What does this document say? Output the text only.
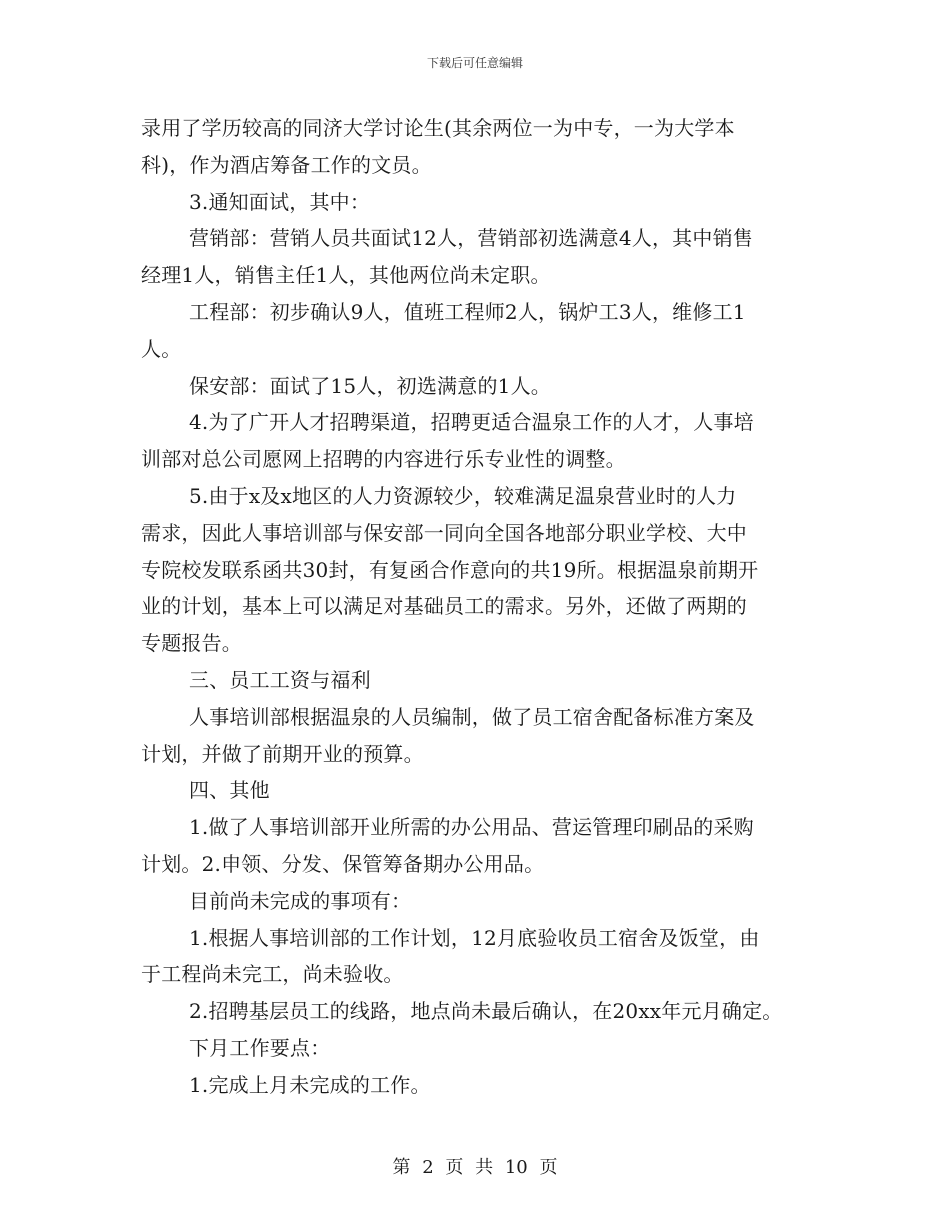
下载后可任意编辑
录用了学历较高的同济大学讨论生(其余两位一为中专，一为大学本
科)，作为酒店筹备工作的文员。
3.通知面试，其中：
营销部：营销人员共面试12人，营销部初选满意4人，其中销售
经理1人，销售主任1人，其他两位尚未定职。
工程部：初步确认9人，值班工程师2人，锅炉工3人，维修工1
人。
保安部：面试了15人，初选满意的1人。
4.为了广开人才招聘渠道，招聘更适合温泉工作的人才，人事培
训部对总公司愿网上招聘的内容进行乐专业性的调整。
5.由于x及x地区的人力资源较少，较难满足温泉营业时的人力
需求，因此人事培训部与保安部一同向全国各地部分职业学校、大中
专院校发联系函共30封，有复函合作意向的共19所。根据温泉前期开
业的计划，基本上可以满足对基础员工的需求。另外，还做了两期的
专题报告。
三、员工工资与福利
人事培训部根据温泉的人员编制，做了员工宿舍配备标准方案及
计划，并做了前期开业的预算。
四、其他
1.做了人事培训部开业所需的办公用品、营运管理印刷品的采购
计划。2.申领、分发、保管筹备期办公用品。
目前尚未完成的事项有：
1.根据人事培训部的工作计划，12月底验收员工宿舍及饭堂，由
于工程尚未完工，尚未验收。
2.招聘基层员工的线路，地点尚未最后确认，在20xx年元月确定。
下月工作要点：
1.完成上月未完成的工作。
第 2 页 共 10 页
